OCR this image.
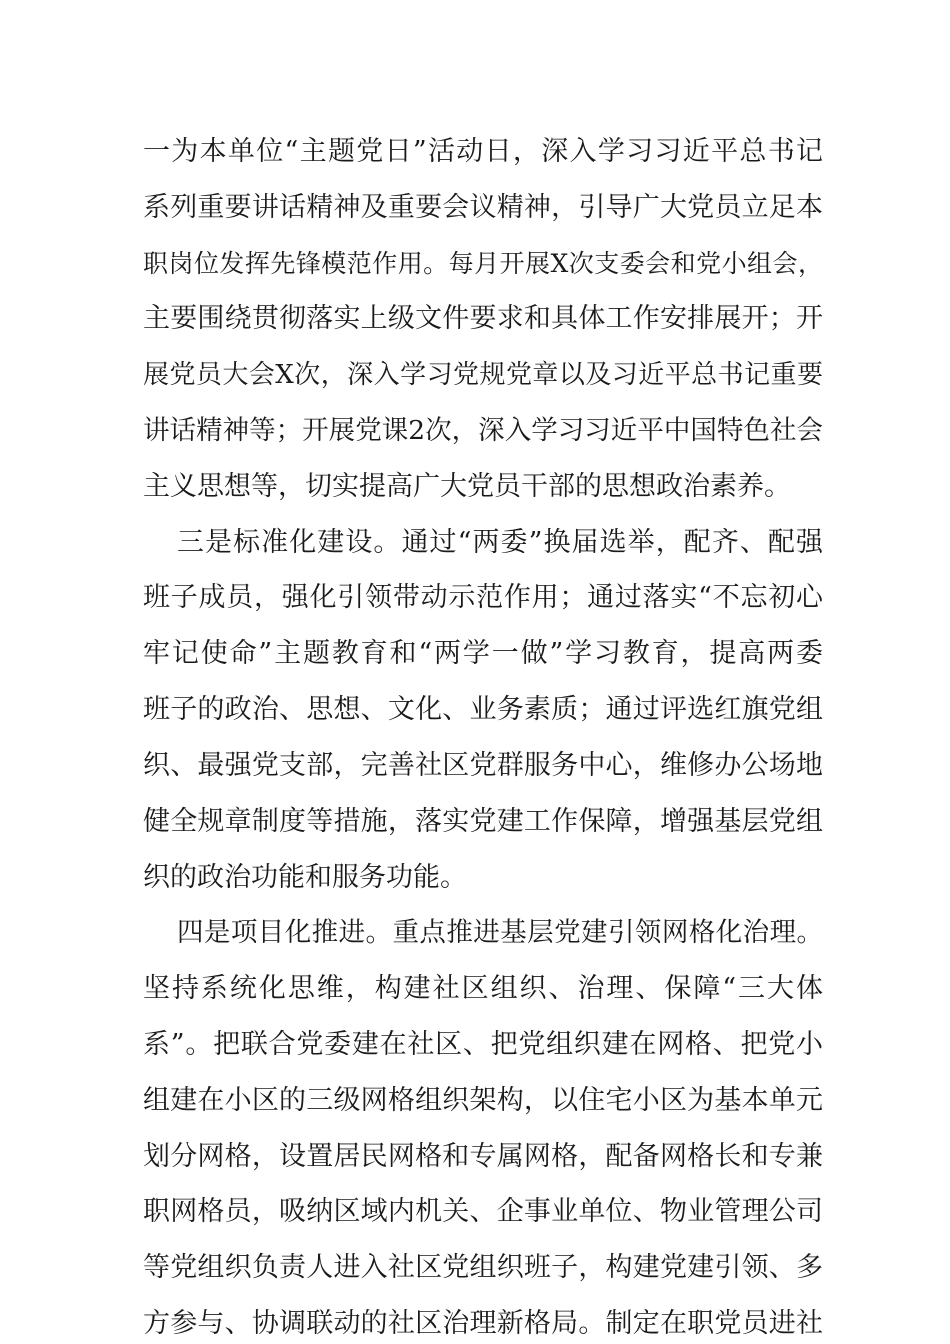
一为本单位“主题党日”活动日，深入学习习近平总书记
系列重要讲话精神及重要会议精神，引导广大党员立足本
职岗位发挥先锋模范作用。每月开展X次支委会和党小组会，
主要围绕贯彻落实上级文件要求和具体工作安排展开；开
展党员大会X次，深入学习党规党章以及习近平总书记重要
讲话精神等；开展党课2次，深入学习习近平中国特色社会
主义思想等，切实提高广大党员干部的思想政治素养。
三是标准化建设。通过“两委”换届选举，配齐、配强
班子成员，强化引领带动示范作用；通过落实“不忘初心
牢记使命”主题教育和“两学一做”学习教育，提高两委
班子的政治、思想、文化、业务素质；通过评选红旗党组
织、最强党支部，完善社区党群服务中心，维修办公场地
健全规章制度等措施，落实党建工作保障，增强基层党组
织的政治功能和服务功能。
四是项目化推进。重点推进基层党建引领网格化治理。
坚持系统化思维，构建社区组织、治理、保障“三大体
系”。把联合党委建在社区、把党组织建在网格、把党小
组建在小区的三级网格组织架构，以住宅小区为基本单元
划分网格，设置居民网格和专属网格，配备网格长和专兼
职网格员，吸纳区域内机关、企事业单位、物业管理公司
等党组织负责人进入社区党组织班子，构建党建引领、多
方参与、协调联动的社区治理新格局。制定在职党员进社
